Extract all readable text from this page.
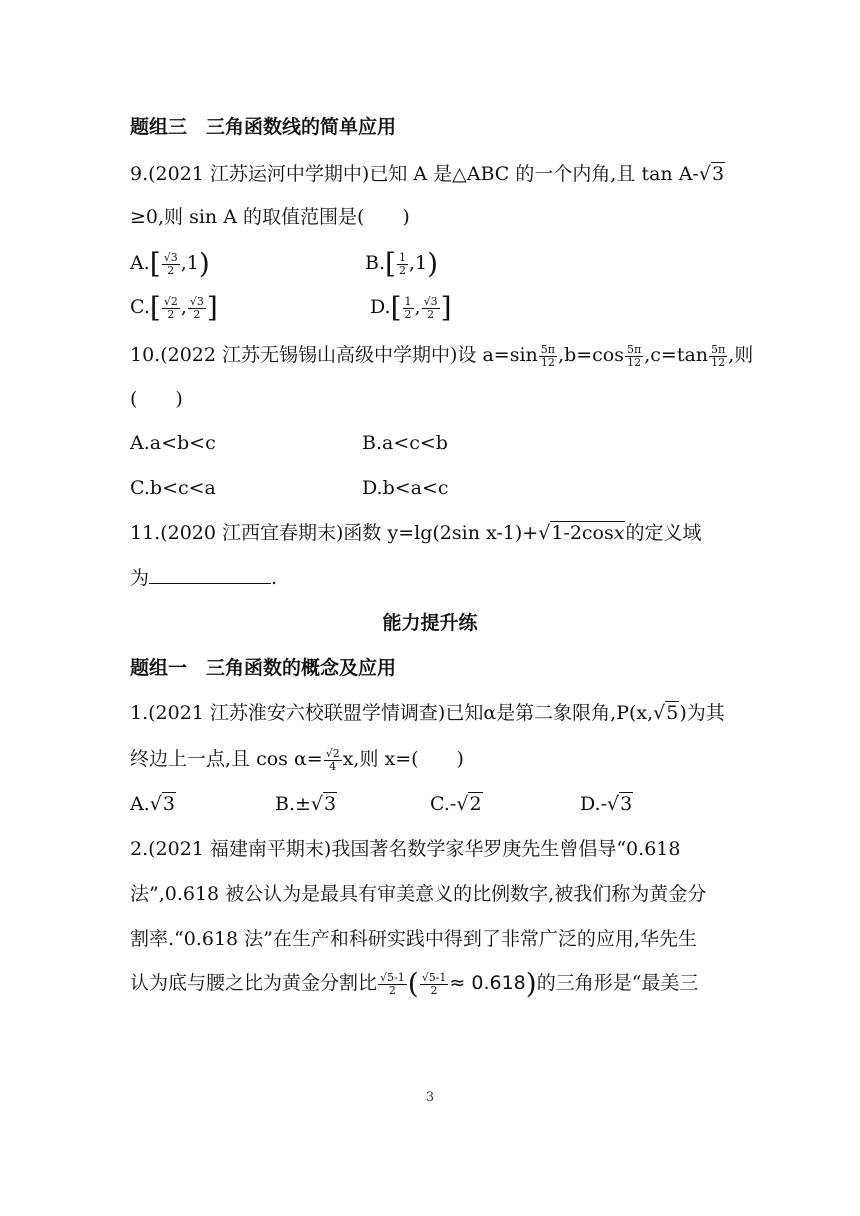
题组三　三角函数线的简单应用
9.(2021 江苏运河中学期中)已知 A 是△ABC 的一个内角,且 tan A-√3
≥0,则 sin A 的取值范围是(　　)
$A.[ \frac{√3}{2} ,1)$	$B.[ \frac{1}{2} ,1)$
$C.[ \frac{√2}{2}$ , $\frac{√3}{2}$ ]	$D.[ \frac{1}{2}$ , $\frac{√3}{2}$ ]
10.(2022 江苏无锡锡山高级中学期中)设 $a=\sin \frac{5\pi}{12} ,b=\cos \frac{5\pi}{12} ,c=\tan \frac{5\pi}{12}$ ,则
(　　)
A.a<b<c	B.a<c<b
C.b<c<a	D.b<a<c
11.(2020 江西宜春期末)函数 y=lg(2sin x-1)+√1-2cosx的定义域
为	.
能力提升练
题组一　三角函数的概念及应用
1.(2021 江苏淮安六校联盟学情调查)已知α是第二象限角,P(x,√5)为其
终边上一点,且 $\cos \alpha= \frac{√2}{4} x$,则 x=(　　)
A.√3	B.±√3	C.-√2	D.-√3
2.(2021 福建南平期末)我国著名数学家华罗庚先生曾倡导“0.618
法”,0.618 被公认为是最具有审美意义的比例数字,被我们称为黄金分
割率.“0.618 法”在生产和科研实践中得到了非常广泛的应用,华先生
认为底与腰之比为黄金分割比 $\frac{√5-1}{2}$ ( $\frac{√5-1}{2} \approx 0.618$)的三角形是“最美三
3
